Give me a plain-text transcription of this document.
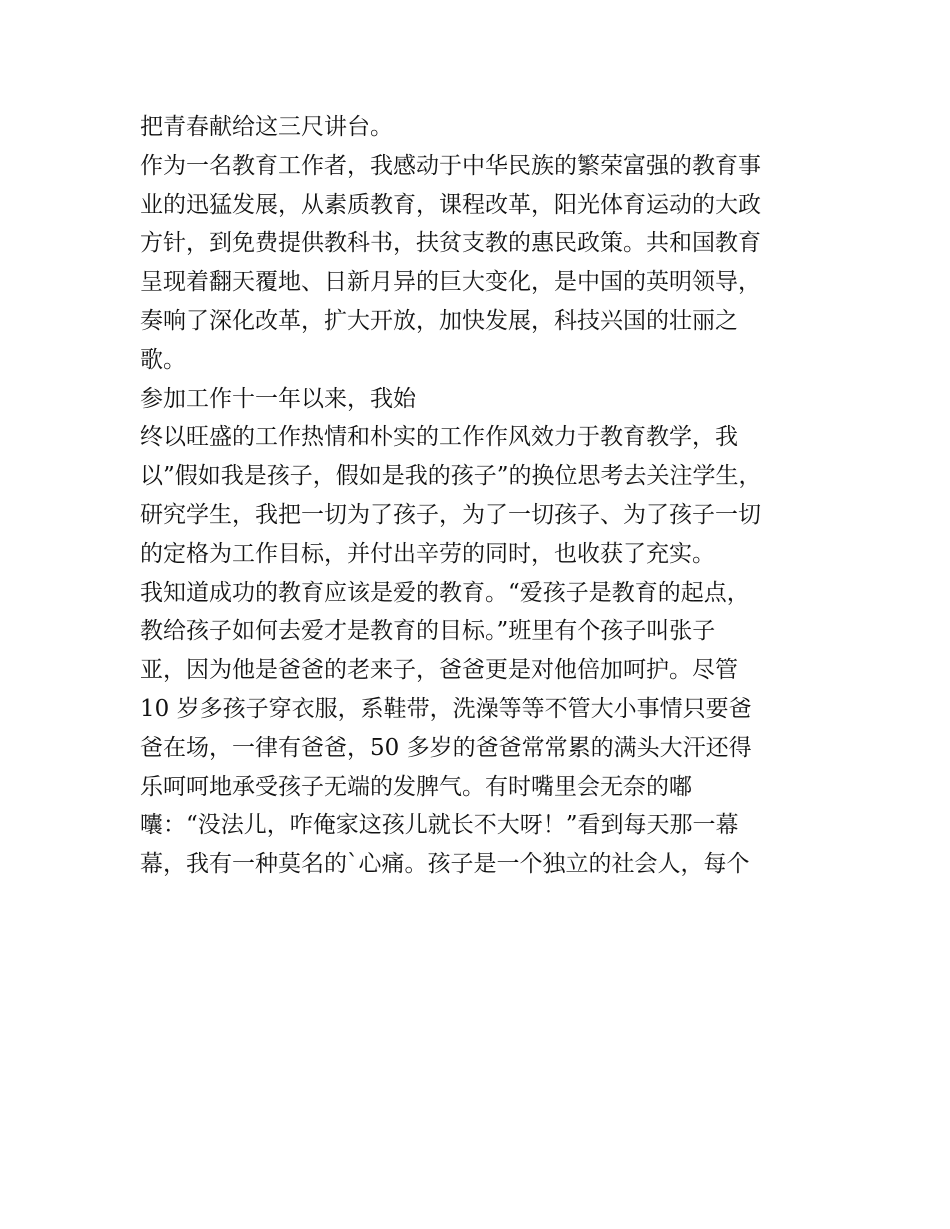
把青春献给这三尺讲台。
作为一名教育工作者，我感动于中华民族的繁荣富强的教育事
业的迅猛发展，从素质教育，课程改革，阳光体育运动的大政
方针，到免费提供教科书，扶贫支教的惠民政策。共和国教育
呈现着翻天覆地、日新月异的巨大变化，是中国的英明领导，
奏响了深化改革，扩大开放，加快发展，科技兴国的壮丽之
歌。
参加工作十一年以来，我始
终以旺盛的工作热情和朴实的工作作风效力于教育教学，我
以”假如我是孩子，假如是我的孩子”的换位思考去关注学生，
研究学生，我把一切为了孩子，为了一切孩子、为了孩子一切
的定格为工作目标，并付出辛劳的同时，也收获了充实。
我知道成功的教育应该是爱的教育。“爱孩子是教育的起点，
教给孩子如何去爱才是教育的目标。”班里有个孩子叫张子
亚，因为他是爸爸的老来子，爸爸更是对他倍加呵护。尽管
10 岁多孩子穿衣服，系鞋带，洗澡等等不管大小事情只要爸
爸在场，一律有爸爸，50 多岁的爸爸常常累的满头大汗还得
乐呵呵地承受孩子无端的发脾气。有时嘴里会无奈的嘟
囔：“没法儿，咋俺家这孩儿就长不大呀！”看到每天那一幕
幕，我有一种莫名的`心痛。孩子是一个独立的社会人，每个
